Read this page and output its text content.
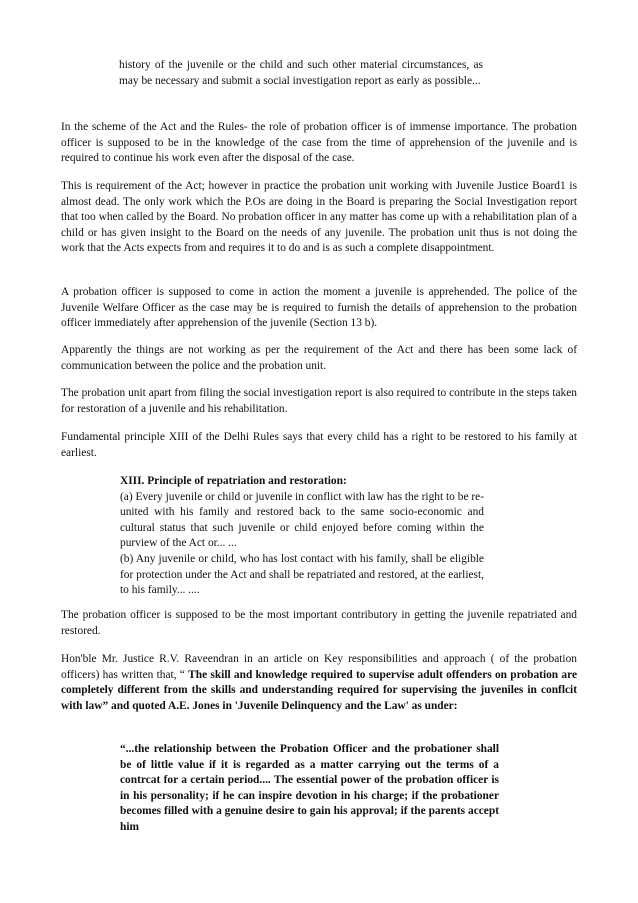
history of the juvenile or the child and such other material circumstances, as may be necessary and submit a social investigation report as early as possible...

In the scheme of the Act and the Rules- the role of probation officer is of immense importance. The probation officer is supposed to be in the knowledge of the case from the time of apprehension of the juvenile and is required to continue his work even after the disposal of the case.

This is requirement of the Act; however in practice the probation unit working with Juvenile Justice Board1 is almost dead. The only work which the P.Os are doing in the Board is preparing the Social Investigation report that too when called by the Board. No probation officer in any matter has come up with a rehabilitation plan of a child or has given insight to the Board on the needs of any juvenile. The probation unit thus is not doing the work that the Acts expects from and requires it to do and is as such a complete disappointment.

A probation officer is supposed to come in action the moment a juvenile is apprehended. The police of the Juvenile Welfare Officer as the case may be is required to furnish the details of apprehension to the probation officer immediately after apprehension of the juvenile (Section 13 b).

Apparently the things are not working as per the requirement of the Act and there has been some lack of communication between the police and the probation unit.

The probation unit apart from filing the social investigation report is also required to contribute in the steps taken for restoration of a juvenile and his rehabilitation.

Fundamental principle XIII of the Delhi Rules says that every child has a right to be restored to his family at earliest.

XIII. Principle of repatriation and restoration:

(a) Every juvenile or child or juvenile in conflict with law has the right to be re-united with his family and restored back to the same socio-economic and cultural status that such juvenile or child enjoyed before coming within the purview of the Act or... ...

(b) Any juvenile or child, who has lost contact with his family, shall be eligible for protection under the Act and shall be repatriated and restored, at the earliest, to his family... ....

The probation officer is supposed to be the most important contributory in getting the juvenile repatriated and restored.

Hon'ble Mr. Justice R.V. Raveendran in an article on Key responsibilities and approach ( of the probation officers) has written that, “ The skill and knowledge required to supervise adult offenders on probation are completely different from the skills and understanding required for supervising the juveniles in conflcit with law” and quoted A.E. Jones in 'Juvenile Delinquency and the Law' as under:

“...the relationship between the Probation Officer and the probationer shall be of little value if it is regarded as a matter carrying out the terms of a contrcat for a certain period.... The essential power of the probation officer is in his personality; if he can inspire devotion in his charge; if the probationer becomes filled with a genuine desire to gain his approval; if the parents accept him
